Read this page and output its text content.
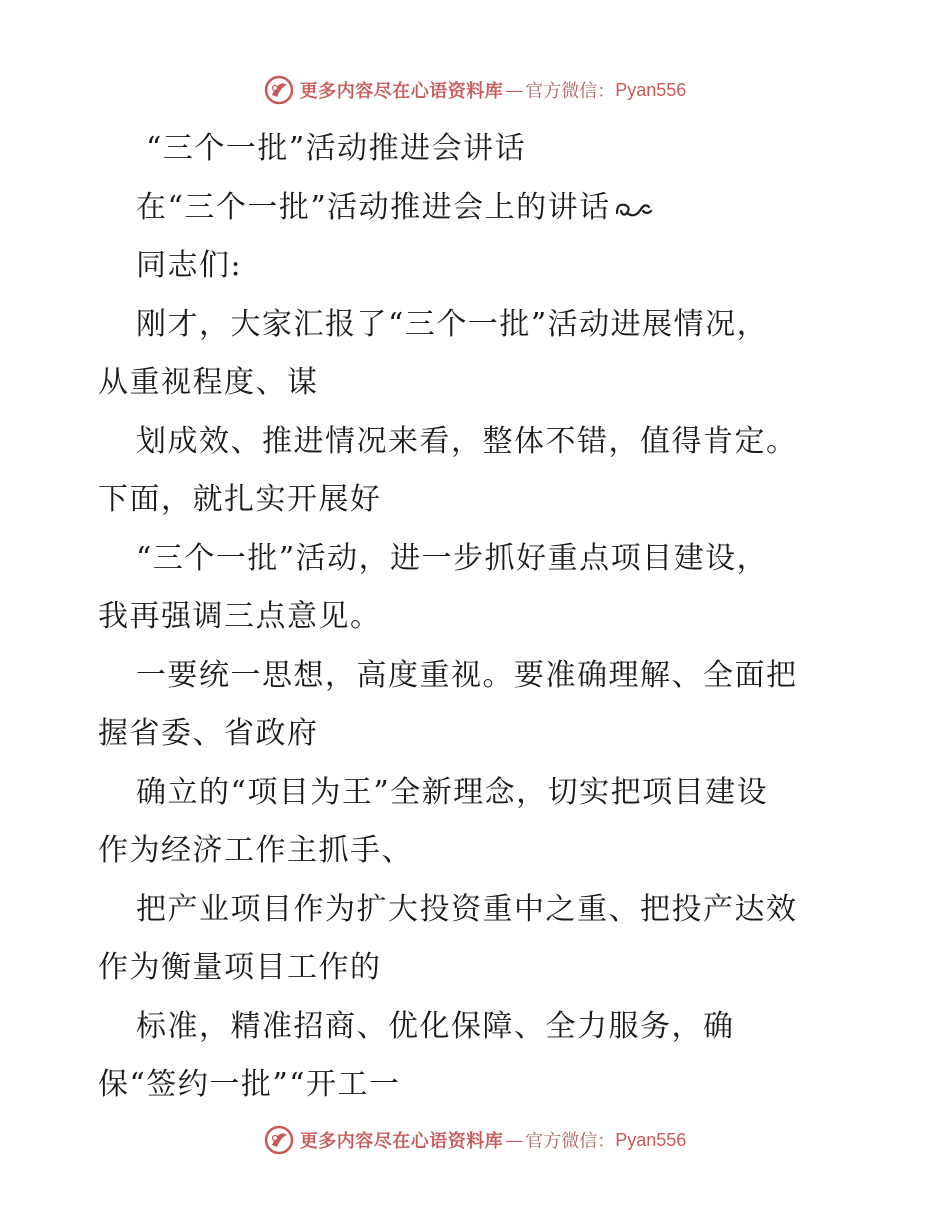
更多内容尽在心语资料库 — 官方微信： Pyan556
“三个一批”活动推进会讲话
在“三个一批”活动推进会上的讲话
同志们:
刚才，大家汇报了“三个一批”活动进展情况，
从重视程度、谋
划成效、推进情况来看，整体不错，值得肯定。
下面，就扎实开展好
“三个一批”活动，进一步抓好重点项目建设，
我再强调三点意见。
一要统一思想，高度重视。要准确理解、全面把
握省委、省政府
确立的“项目为王”全新理念，切实把项目建设
作为经济工作主抓手、
把产业项目作为扩大投资重中之重、把投产达效
作为衡量项目工作的
标准，精准招商、优化保障、全力服务，确
保“签约一批”“开工一
更多内容尽在心语资料库 — 官方微信： Pyan556
